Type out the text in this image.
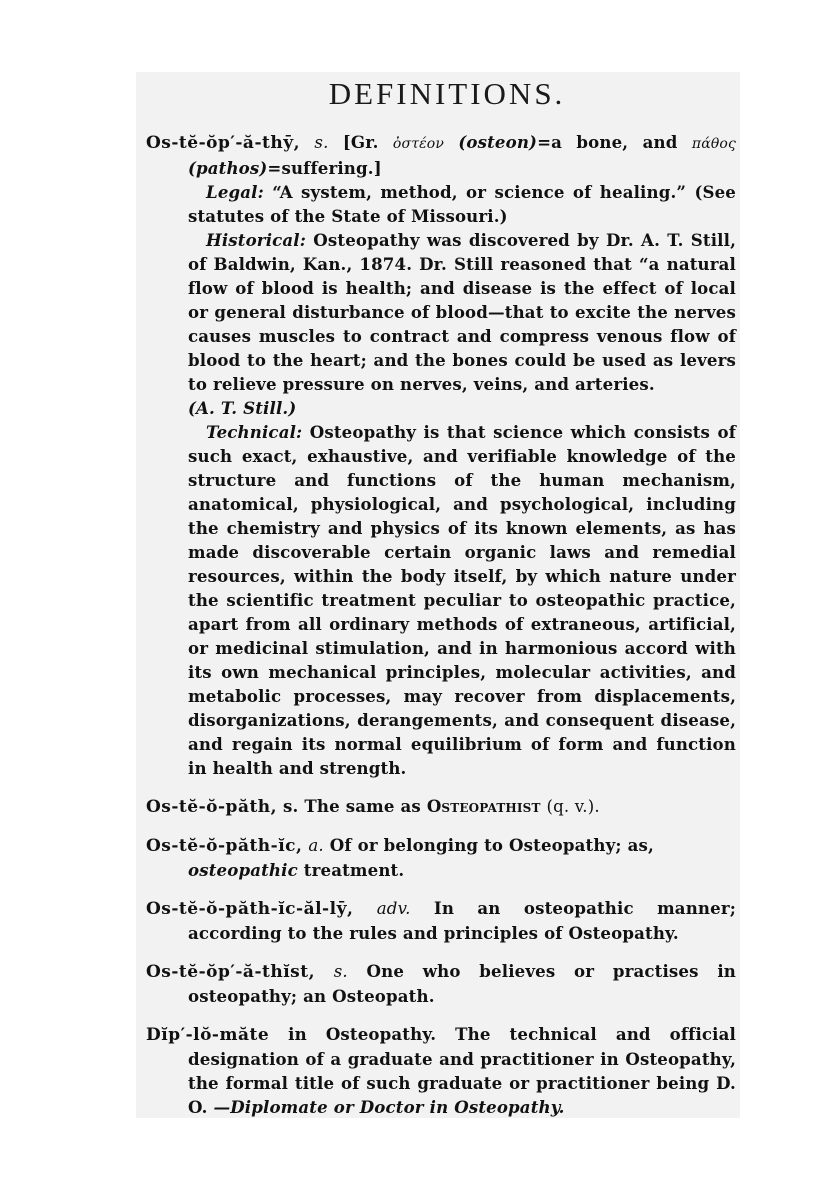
DEFINITIONS.
Os-tĕ-ŏp′-ă-thȳ, s. [Gr. ὀστέον (osteon)=a bone, and πάθος (pathos)=suffering.]
Legal: “A system, method, or science of healing.” (See statutes of the State of Missouri.)
Historical: Osteopathy was discovered by Dr. A. T. Still, of Baldwin, Kan., 1874. Dr. Still reasoned that “a natural flow of blood is health; and disease is the effect of local or general disturbance of blood—that to excite the nerves causes muscles to contract and compress venous flow of blood to the heart; and the bones could be used as levers to relieve pressure on nerves, veins, and arteries.
(A. T. Still.)
Technical: Osteopathy is that science which consists of such exact, exhaustive, and verifiable knowledge of the structure and functions of the human mechanism, anatomical, physiological, and psychological, including the chemistry and physics of its known elements, as has made discoverable certain organic laws and remedial resources, within the body itself, by which nature under the scientific treatment peculiar to osteopathic practice, apart from all ordinary methods of extraneous, artificial, or medicinal stimulation, and in harmonious accord with its own mechanical principles, molecular activities, and metabolic processes, may recover from displacements, disorganizations, derangements, and consequent disease, and regain its normal equilibrium of form and function in health and strength.
Os-tĕ-ŏ-păth, s. The same as Osteopathist (q. v.).
Os-tĕ-ŏ-păth-ĭc, a. Of or belonging to Osteopathy; as, osteopathic treatment.
Os-tĕ-ŏ-păth-ĭc-ăl-lȳ, adv. In an osteopathic manner; according to the rules and principles of Osteopathy.
Os-tĕ-ŏp′-ă-thĭst, s. One who believes or practises in osteopathy; an Osteopath.
Dĭp′-lŏ-măte in Osteopathy. The technical and official designation of a graduate and practitioner in Osteopathy, the formal title of such graduate or practitioner being D. O. —Diplomate or Doctor in Osteopathy.
